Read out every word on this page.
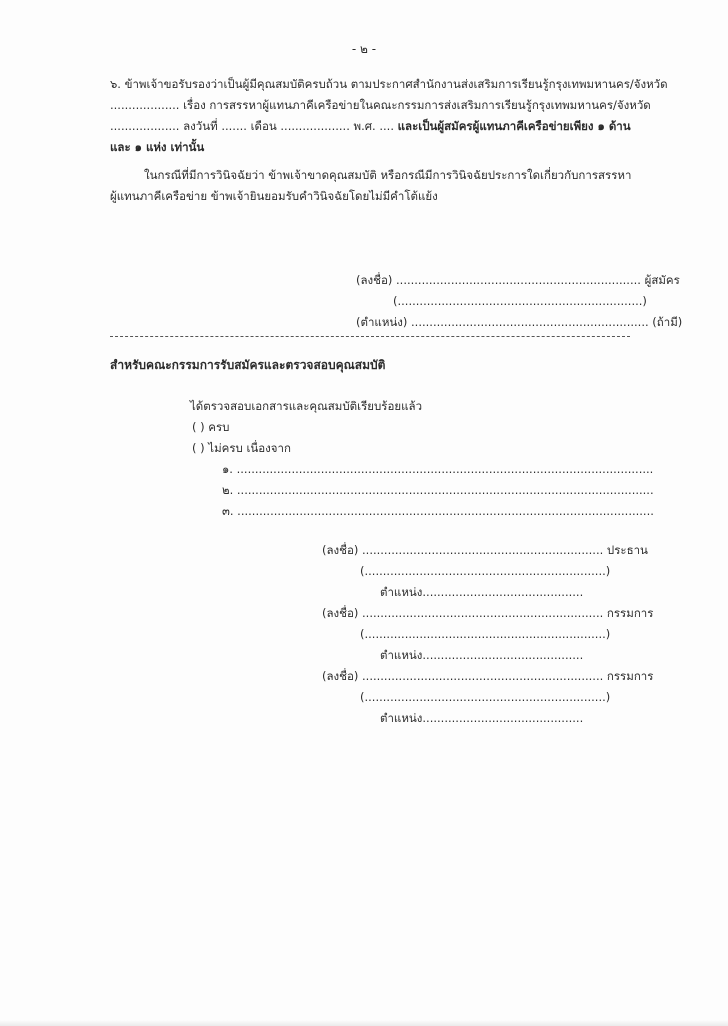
- ๒ -
๖. ข้าพเจ้าขอรับรองว่าเป็นผู้มีคุณสมบัติครบถ้วน ตามประกาศสำนักงานส่งเสริมการเรียนรู้กรุงเทพมหานคร/จังหวัด
................... เรื่อง การสรรหาผู้แทนภาคีเครือข่ายในคณะกรรมการส่งเสริมการเรียนรู้กรุงเทพมหานคร/จังหวัด
................... ลงวันที่ ....... เดือน ................... พ.ศ. .... และเป็นผู้สมัครผู้แทนภาคีเครือข่ายเพียง ๑ ด้าน
และ ๑ แห่ง เท่านั้น
ในกรณีที่มีการวินิจฉัยว่า ข้าพเจ้าขาดคุณสมบัติ หรือกรณีมีการวินิจฉัยประการใดเกี่ยวกับการสรรหา
ผู้แทนภาคีเครือข่าย ข้าพเจ้ายินยอมรับคำวินิจฉัยโดยไม่มีคำโต้แย้ง
(ลงชื่อ) ................................................................... ผู้สมัคร
(...................................................................)
(ตำแหน่ง) ................................................................. (ถ้ามี)
สำหรับคณะกรรมการรับสมัครและตรวจสอบคุณสมบัติ
ได้ตรวจสอบเอกสารและคุณสมบัติเรียบร้อยแล้ว
( ) ครบ
( ) ไม่ครบ เนื่องจาก
๑. ..................................................................................................................
๒. ..................................................................................................................
๓. ..................................................................................................................
(ลงชื่อ) .................................................................. ประธาน
(..................................................................)
ตำแหน่ง............................................
(ลงชื่อ) .................................................................. กรรมการ
(..................................................................)
ตำแหน่ง............................................
(ลงชื่อ) .................................................................. กรรมการ
(..................................................................)
ตำแหน่ง............................................
